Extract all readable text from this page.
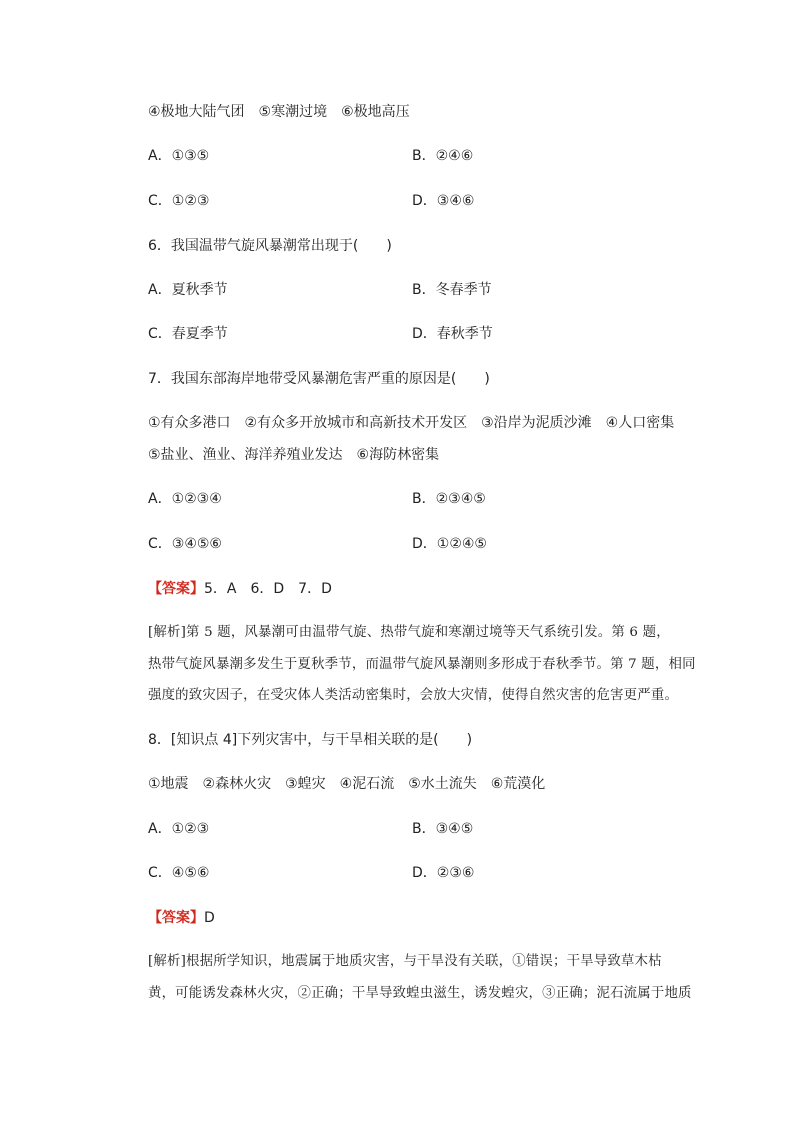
④极地大陆气团　⑤寒潮过境　⑥极地高压
A．①③⑤	B．②④⑥
C．①②③	D．③④⑥
6．我国温带气旋风暴潮常出现于(　　)
A．夏秋季节	B．冬春季节
C．春夏季节	D．春秋季节
7．我国东部海岸地带受风暴潮危害严重的原因是(　　)
①有众多港口　②有众多开放城市和高新技术开发区　③沿岸为泥质沙滩　④人口密集
⑤盐业、渔业、海洋养殖业发达　⑥海防林密集
A．①②③④	B．②③④⑤
C．③④⑤⑥	D．①②④⑤
【答案】5．A　6．D　7．D
[解析]第 5 题，风暴潮可由温带气旋、热带气旋和寒潮过境等天气系统引发。第 6 题，
热带气旋风暴潮多发生于夏秋季节，而温带气旋风暴潮则多形成于春秋季节。第 7 题，相同
强度的致灾因子，在受灾体人类活动密集时，会放大灾情，使得自然灾害的危害更严重。
8．[知识点 4]下列灾害中，与干旱相关联的是(　　)
①地震　②森林火灾　③蝗灾　④泥石流　⑤水土流失　⑥荒漠化
A．①②③	B．③④⑤
C．④⑤⑥	D．②③⑥
【答案】D
[解析]根据所学知识，地震属于地质灾害，与干旱没有关联，①错误；干旱导致草木枯
黄，可能诱发森林火灾，②正确；干旱导致蝗虫滋生，诱发蝗灾，③正确；泥石流属于地质
